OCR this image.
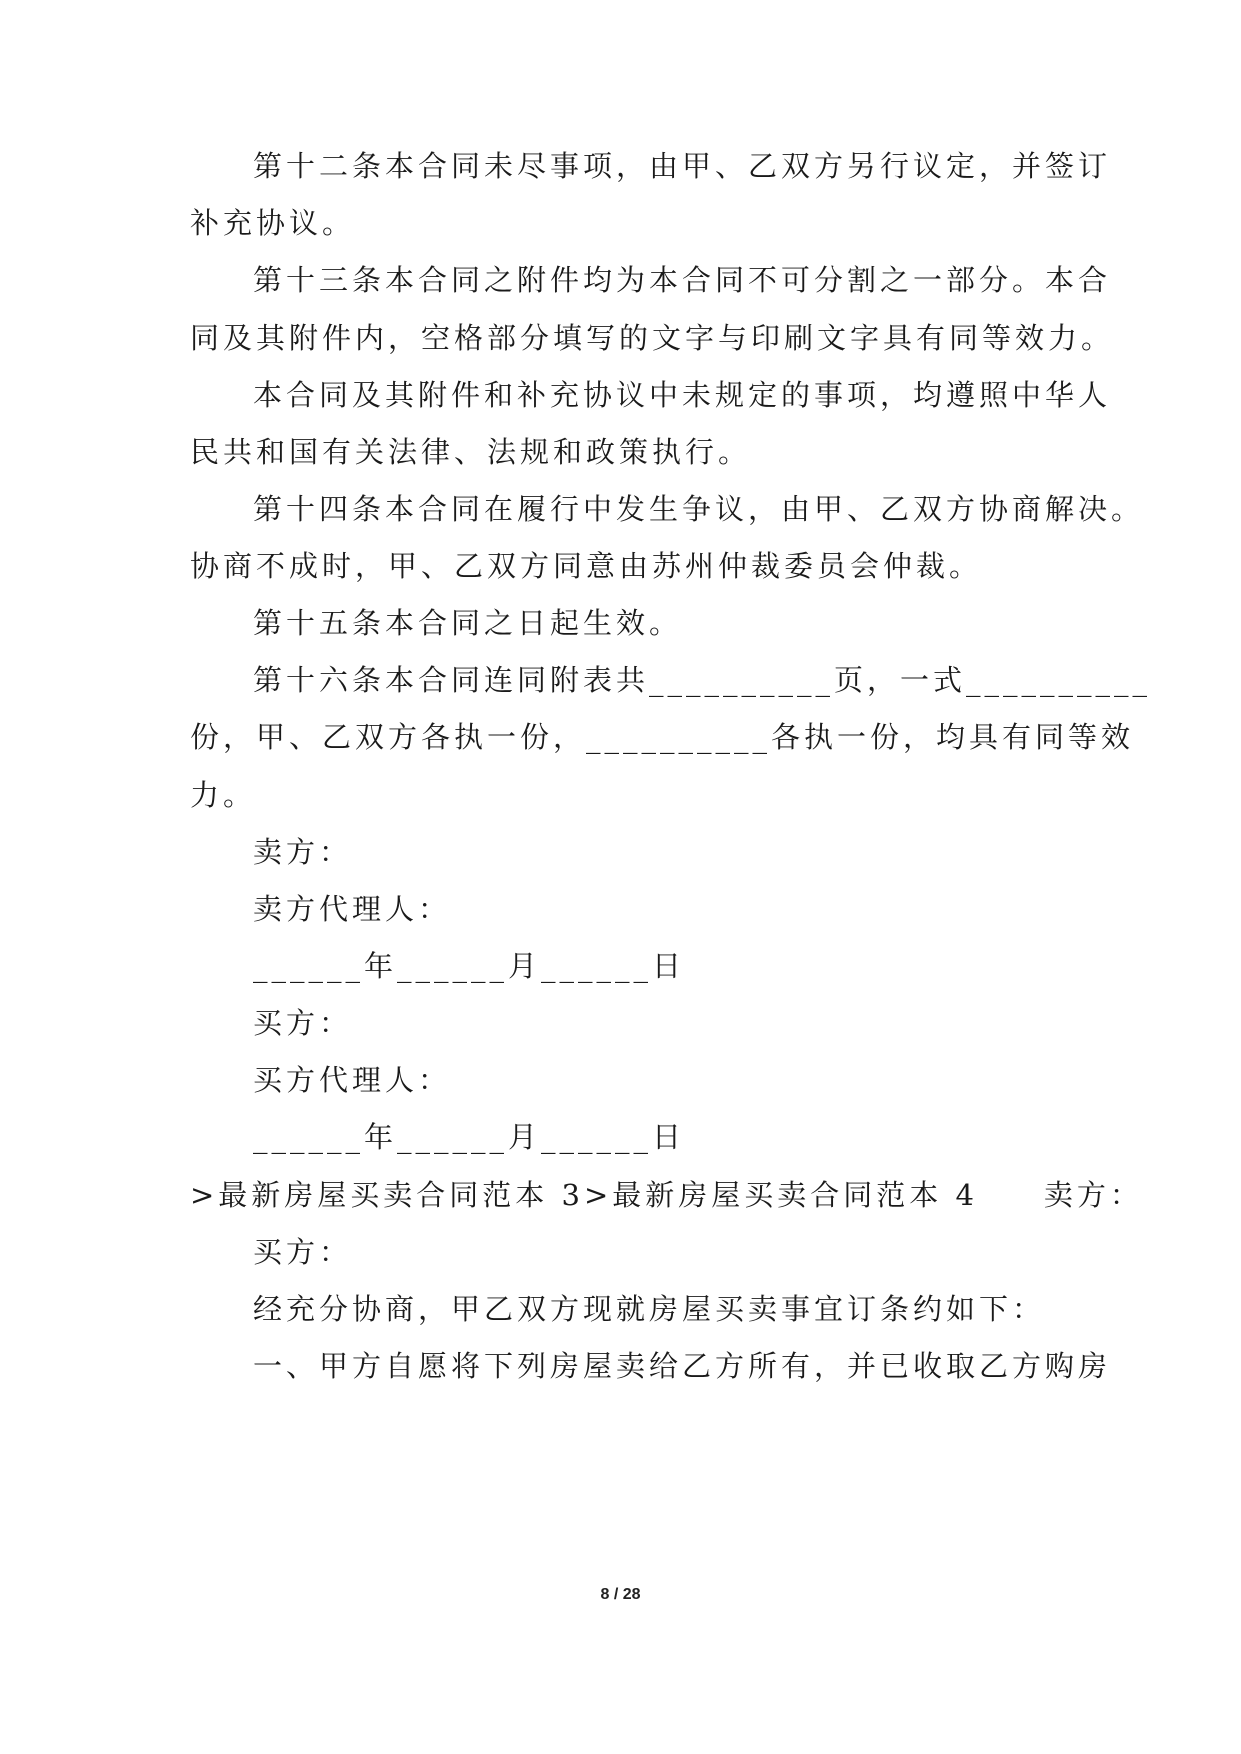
第十二条本合同未尽事项，由甲、乙双方另行议定，并签订
补充协议。
第十三条本合同之附件均为本合同不可分割之一部分。本合
同及其附件内，空格部分填写的文字与印刷文字具有同等效力。
本合同及其附件和补充协议中未规定的事项，均遵照中华人
民共和国有关法律、法规和政策执行。
第十四条本合同在履行中发生争议，由甲、乙双方协商解决。
协商不成时，甲、乙双方同意由苏州仲裁委员会仲裁。
第十五条本合同之日起生效。
第十六条本合同连同附表共__________页，一式__________
份，甲、乙双方各执一份，__________各执一份，均具有同等效
力。
卖方：
卖方代理人：
______年______月______日
买方：
买方代理人：
______年______月______日
>最新房屋买卖合同范本 3>最新房屋买卖合同范本 4　　卖方：
买方：
经充分协商，甲乙双方现就房屋买卖事宜订条约如下：
一、甲方自愿将下列房屋卖给乙方所有，并已收取乙方购房
8 / 28
